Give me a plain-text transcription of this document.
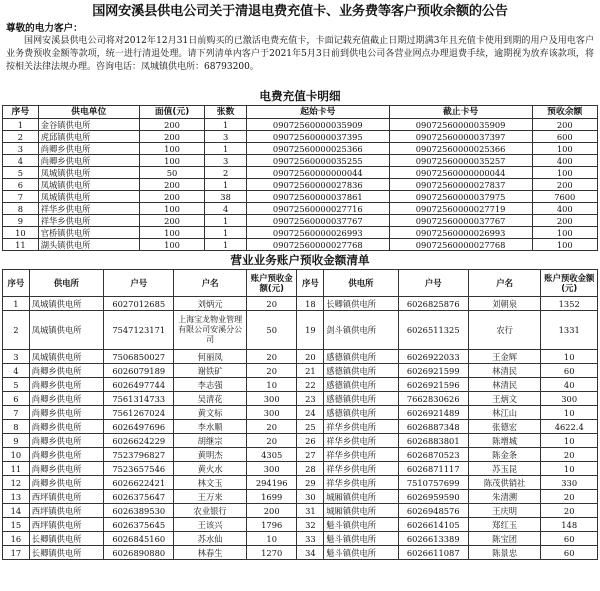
国网安溪县供电公司关于清退电费充值卡、业务费等客户预收余额的公告
尊敬的电力客户：
国网安溪县供电公司将对2012年12月31日前购买的已激活电费充值卡，卡面记载充值截止日期过期满3年且充值卡使用到期的用户及用电客户业务费预收金额等款项，统一进行清退处理。请下列清单内客户于2021年5月3日前到供电公司各营业网点办理退费手续，逾期视为放弃该款项，将按相关法律法规办理。咨询电话：凤城镇供电所：68793200。
电费充值卡明细
序号	供电单位	面值(元)	张数	起始卡号	截止卡号	预收余额
1	金谷镇供电所	200	1	09072560000035909	09072560000035909	200
2	虎邱镇供电所	200	3	09072560000037395	09072560000037397	600
3	尚卿乡供电所	100	1	09072560000025366	09072560000025366	100
4	尚卿乡供电所	100	3	09072560000035255	09072560000035257	400
5	凤城镇供电所	50	2	09072560000000044	09072560000000044	100
6	凤城镇供电所	200	1	09072560000027836	09072560000027837	200
7	凤城镇供电所	200	38	09072560000037861	09072560000037975	7600
8	祥华乡供电所	100	4	09072560000027716	09072560000027719	400
9	祥华乡供电所	200	1	09072560000037767	09072560000037767	200
10	官桥镇供电所	100	1	09072560000026993	09072560000026993	100
11	湖头镇供电所	100	1	09072560000027768	09072560000027768	100
营业业务账户预收金额清单
序号	供电所	户号	户名	账户预收金额(元)	序号	供电所	户号	户名	账户预收金额(元)
1	凤城镇供电所	6027012685	刘炳元	20	18	长卿镇供电所	6026825876	刘朝泉	1352
2	凤城镇供电所	7547123171	上海宝龙物业管理有限公司安溪分公司	50	19	剑斗镇供电所	6026511325	农行	1331
3	凤城镇供电所	7506850027	何丽凤	20	20	感德镇供电所	6026922033	王金辉	10
4	尚卿乡供电所	6026079189	谢铁矿	20	21	感德镇供电所	6026921599	林清民	60
5	尚卿乡供电所	6026497744	李志强	10	22	感德镇供电所	6026921596	林清民	40
6	尚卿乡供电所	7561314733	吴清花	300	23	感德镇供电所	7662830626	王炳文	300
7	尚卿乡供电所	7561267024	黄文标	300	24	感德镇供电所	6026921489	林江山	10
8	尚卿乡供电所	6026497696	李水顺	20	25	祥华乡供电所	6026887348	张德宏	4622.4
9	尚卿乡供电所	6026624229	胡继宗	20	26	祥华乡供电所	6026883801	陈增城	10
10	尚卿乡供电所	7523796827	黄明杰	4305	27	祥华乡供电所	6026870523	陈金条	20
11	尚卿乡供电所	7523657546	黄火水	300	28	祥华乡供电所	6026871117	苏玉昆	10
12	尚卿乡供电所	6026622421	林文玉	294196	29	祥华乡供电所	7510757699	陈茂供销社	330
13	西坪镇供电所	6026375647	王万来	1699	30	城厢镇供电所	6026959590	朱清溯	20
14	西坪镇供电所	6026389530	农业银行	200	31	城厢镇供电所	6026948576	王庆明	20
15	西坪镇供电所	6026375645	王该兴	1796	32	魁斗镇供电所	6026614105	郑红玉	148
16	长卿镇供电所	6026845160	苏水仙	10	33	魁斗镇供电所	6026613389	陈宝团	60
17	长卿镇供电所	6026890880	林春生	1270	34	魁斗镇供电所	6026611087	陈景忠	60
